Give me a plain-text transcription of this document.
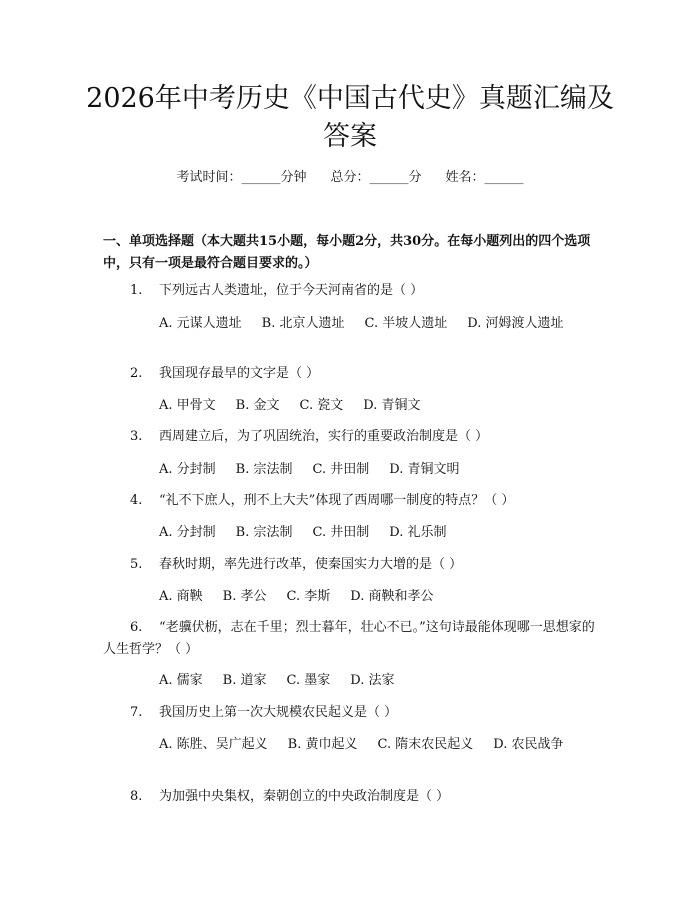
2026年中考历史《中国古代史》真题汇编及
答案
考试时间：______分钟 总分：______分 姓名：______
一、单项选择题（本大题共15小题，每小题2分，共30分。在每小题列出的四个选项中，只有一项是最符合题目要求的。）
1. 下列远古人类遗址，位于今天河南省的是（ ）
A. 元谋人遗址 B. 北京人遗址 C. 半坡人遗址 D. 河姆渡人遗址
2. 我国现存最早的文字是（ ）
A. 甲骨文 B. 金文 C. 瓷文 D. 青铜文
3. 西周建立后，为了巩固统治，实行的重要政治制度是（ ）
A. 分封制 B. 宗法制 C. 井田制 D. 青铜文明
4. “礼不下庶人，刑不上大夫”体现了西周哪一制度的特点？（ ）
A. 分封制 B. 宗法制 C. 井田制 D. 礼乐制
5. 春秋时期，率先进行改革，使秦国实力大增的是（ ）
A. 商鞅 B. 孝公 C. 李斯 D. 商鞅和孝公
6. “老骥伏枥，志在千里；烈士暮年，壮心不已。”这句诗最能体现哪一思想家的人生哲学？（ ）
A. 儒家 B. 道家 C. 墨家 D. 法家
7. 我国历史上第一次大规模农民起义是（ ）
A. 陈胜、吴广起义 B. 黄巾起义 C. 隋末农民起义 D. 农民战争
8. 为加强中央集权，秦朝创立的中央政治制度是（ ）
